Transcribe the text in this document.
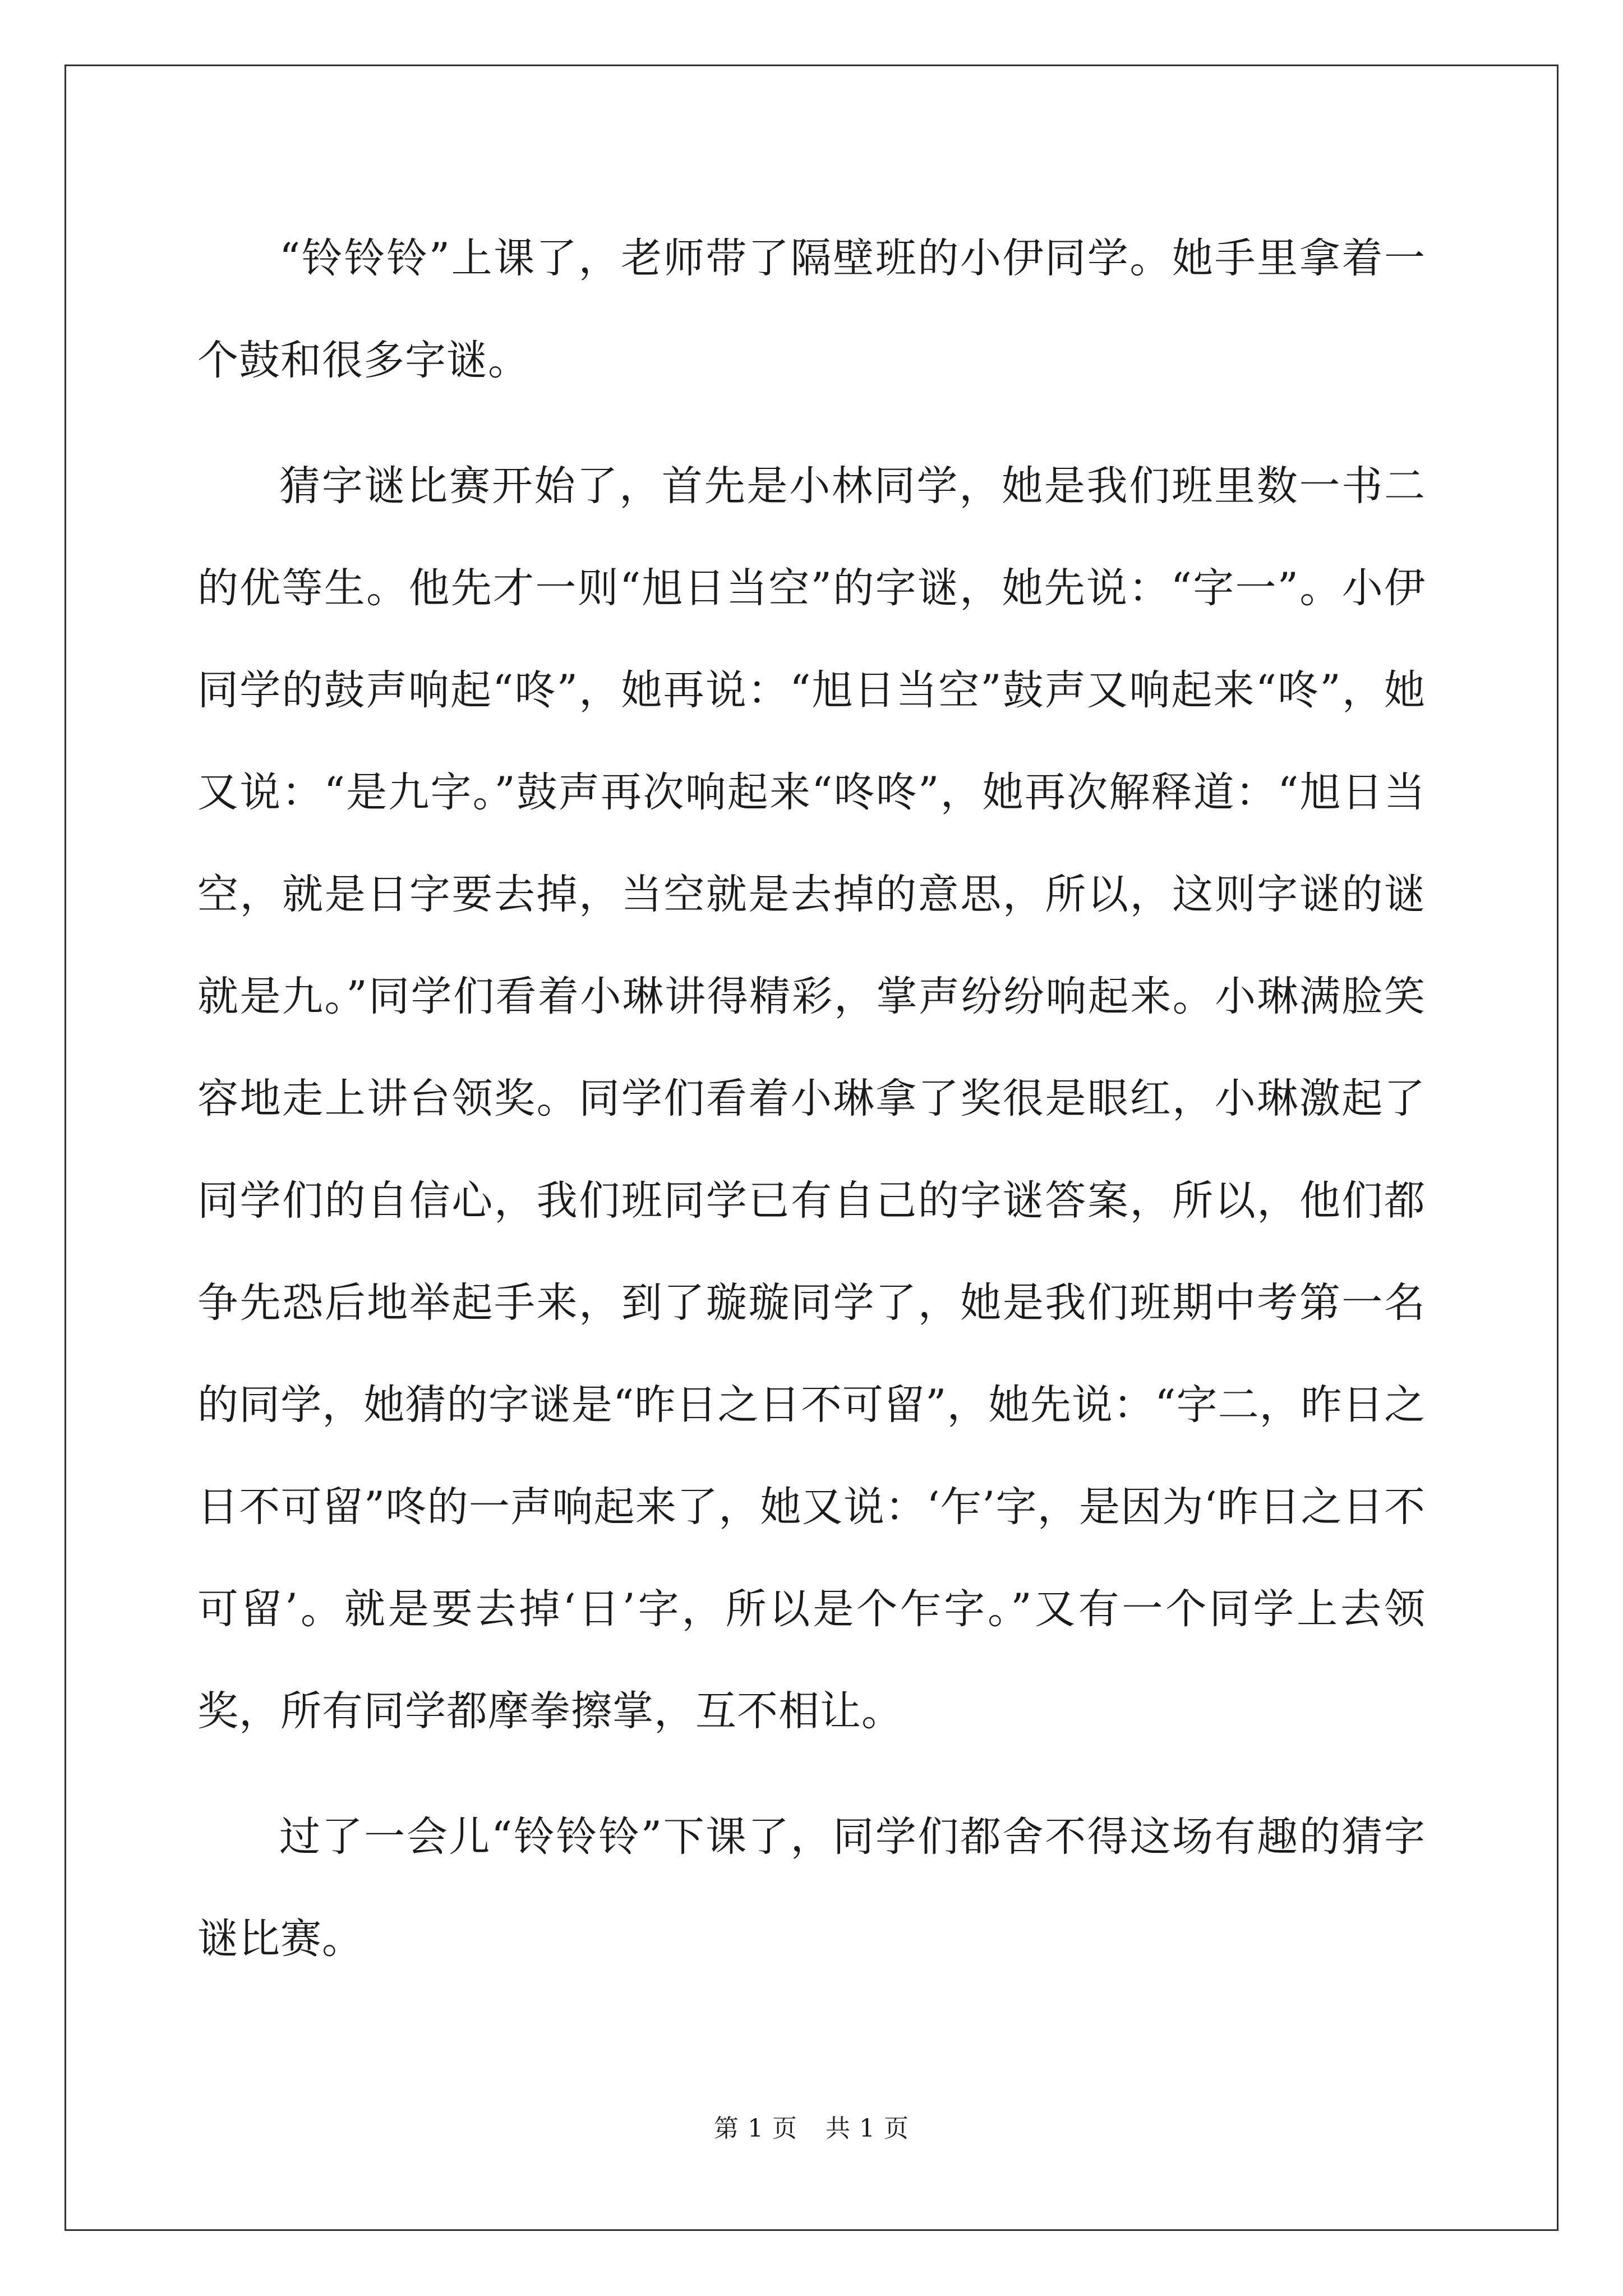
“铃铃铃”上课了，老师带了隔壁班的小伊同学。她手里拿着一个鼓和很多字谜。

猜字谜比赛开始了，首先是小林同学，她是我们班里数一书二的优等生。他先才一则“旭日当空”的字谜，她先说：“字一”。小伊同学的鼓声响起“咚”，她再说：“旭日当空”鼓声又响起来“咚”，她又说：“是九字。”鼓声再次响起来“咚咚”，她再次解释道：“旭日当空，就是日字要去掉，当空就是去掉的意思，所以，这则字谜的谜就是九。”同学们看着小琳讲得精彩，掌声纷纷响起来。小琳满脸笑容地走上讲台领奖。同学们看着小琳拿了奖很是眼红，小琳激起了同学们的自信心，我们班同学已有自己的字谜答案，所以，他们都争先恐后地举起手来，到了璇璇同学了，她是我们班期中考第一名的同学，她猜的字谜是“昨日之日不可留”，她先说：“字二，昨日之日不可留”咚的一声响起来了，她又说：‘乍’字，是因为‘昨日之日不可留’。就是要去掉‘日’字，所以是个乍字。”又有一个同学上去领奖，所有同学都摩拳擦掌，互不相让。

过了一会儿“铃铃铃”下课了，同学们都舍不得这场有趣的猜字谜比赛。

第 1 页 共 1 页
